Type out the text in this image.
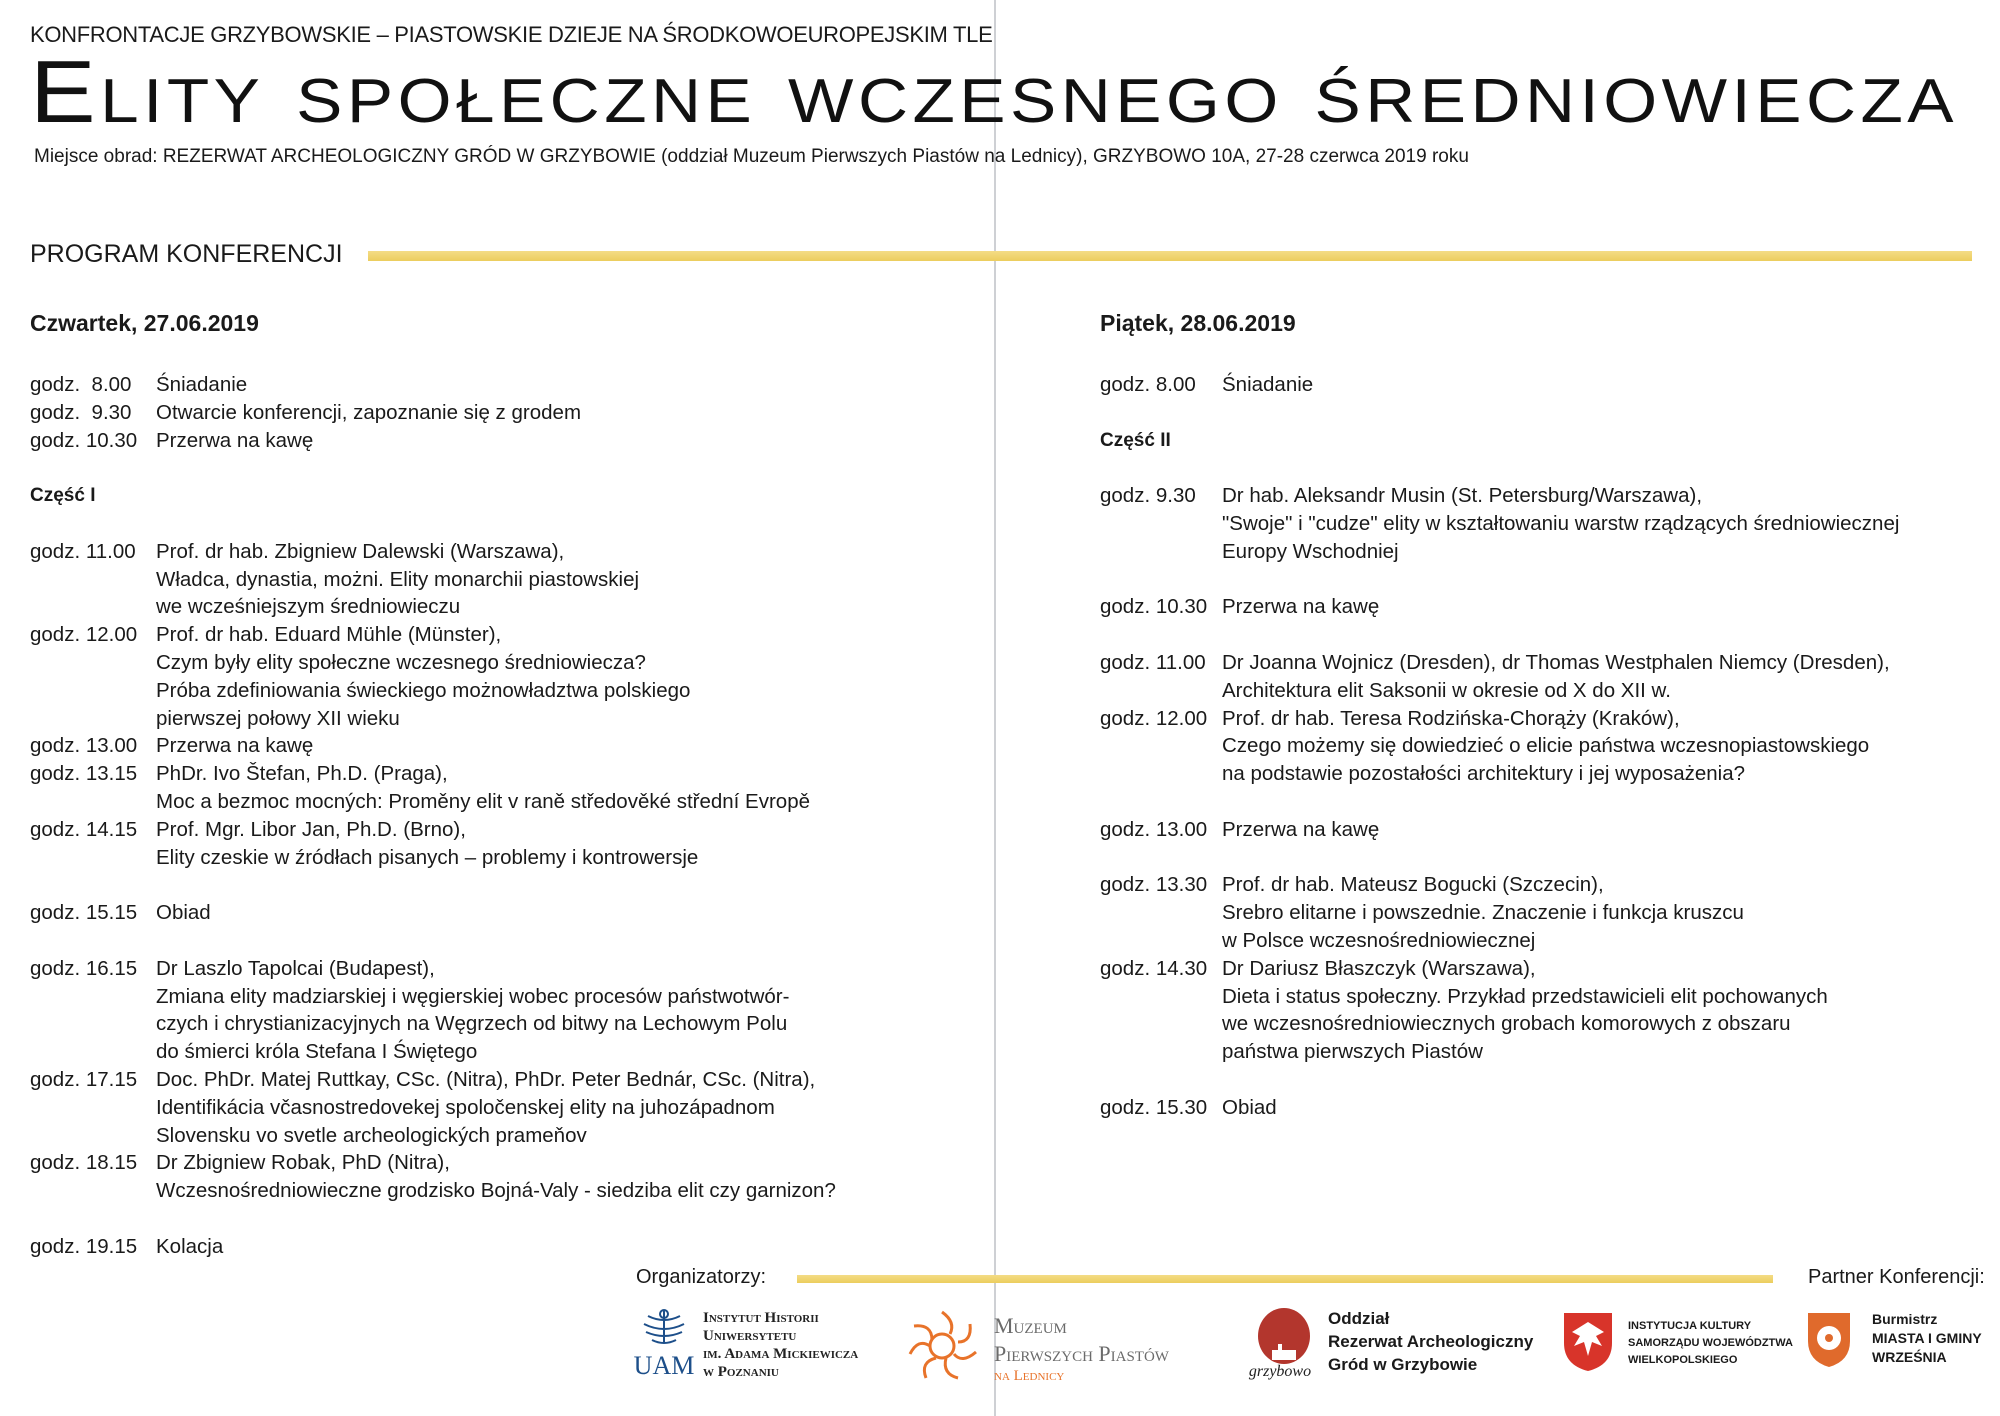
KONFRONTACJE GRZYBOWSKIE – PIASTOWSKIE DZIEJE NA ŚRODKOWOEUROPEJSKIM TLE
Elity społeczne wczesnego średniowiecza
Miejsce obrad: REZERWAT ARCHEOLOGICZNY GRÓD W GRZYBOWIE (oddział Muzeum Pierwszych Piastów na Lednicy), GRZYBOWO 10A, 27-28 czerwca 2019 roku
PROGRAM KONFERENCJI
Czwartek, 27.06.2019	Piątek, 28.06.2019
godz.  8.00 Śniadanie
godz.  9.30 Otwarcie konferencji, zapoznanie się z grodem
godz. 10.30 Przerwa na kawę
Część I
godz. 11.00 Prof. dr hab. Zbigniew Dalewski (Warszawa),
Władca, dynastia, możni. Elity monarchii piastowskiej
we wcześniejszym średniowieczu
godz. 12.00 Prof. dr hab. Eduard Mühle (Münster),
Czym były elity społeczne wczesnego średniowiecza?
Próba zdefiniowania świeckiego możnowładztwa polskiego
pierwszej połowy XII wieku
godz. 13.00 Przerwa na kawę
godz. 13.15 PhDr. Ivo Štefan, Ph.D. (Praga),
Moc a bezmoc mocných: Proměny elit v raně středověké střední Evropě
godz. 14.15 Prof. Mgr. Libor Jan, Ph.D. (Brno),
Elity czeskie w źródłach pisanych – problemy i kontrowersje
godz. 15.15 Obiad
godz. 16.15 Dr Laszlo Tapolcai (Budapest),
Zmiana elity madziarskiej i węgierskiej wobec procesów państwotwór-
czych i chrystianizacyjnych na Węgrzech od bitwy na Lechowym Polu
do śmierci króla Stefana I Świętego
godz. 17.15 Doc. PhDr. Matej Ruttkay, CSc. (Nitra), PhDr. Peter Bednár, CSc. (Nitra),
Identifikácia včasnostredovekej spoločenskej elity na juhozápadnom
Slovensku vo svetle archeologických prameňov
godz. 18.15 Dr Zbigniew Robak, PhD (Nitra),
Wczesnośredniowieczne grodzisko Bojná-Valy - siedziba elit czy garnizon?
godz. 19.15 Kolacja
godz. 8.00 Śniadanie
Część II
godz. 9.30 Dr hab. Aleksandr Musin (St. Petersburg/Warszawa),
"Swoje" i "cudze" elity w kształtowaniu warstw rządzących średniowiecznej
Europy Wschodniej
godz. 10.30 Przerwa na kawę
godz. 11.00 Dr Joanna Wojnicz (Dresden), dr Thomas Westphalen Niemcy (Dresden),
Architektura elit Saksonii w okresie od X do XII w.
godz. 12.00 Prof. dr hab. Teresa Rodzińska-Chorąży (Kraków),
Czego możemy się dowiedzieć o elicie państwa wczesnopiastowskiego
na podstawie pozostałości architektury i jej wyposażenia?
godz. 13.00 Przerwa na kawę
godz. 13.30 Prof. dr hab. Mateusz Bogucki (Szczecin),
Srebro elitarne i powszednie. Znaczenie i funkcja kruszcu
w Polsce wczesnośredniowiecznej
godz. 14.30 Dr Dariusz Błaszczyk (Warszawa),
Dieta i status społeczny. Przykład przedstawicieli elit pochowanych
we wczesnośredniowiecznych grobach komorowych z obszaru
państwa pierwszych Piastów
godz. 15.30 Obiad
Organizatorzy:	Partner Konferencji:
UAM
Instytut Historii
Uniwersytetu
im. Adama Mickiewicza
w Poznaniu
Muzeum
Pierwszych Piastów
na Lednicy	grzybowo
Oddział
Rezerwat Archeologiczny
Gród w Grzybowie
INSTYTUCJA KULTURY
SAMORZĄDU WOJEWÓDZTWA
WIELKOPOLSKIEGO
Burmistrz
MIASTA I GMINY
WRZEŚNIA
